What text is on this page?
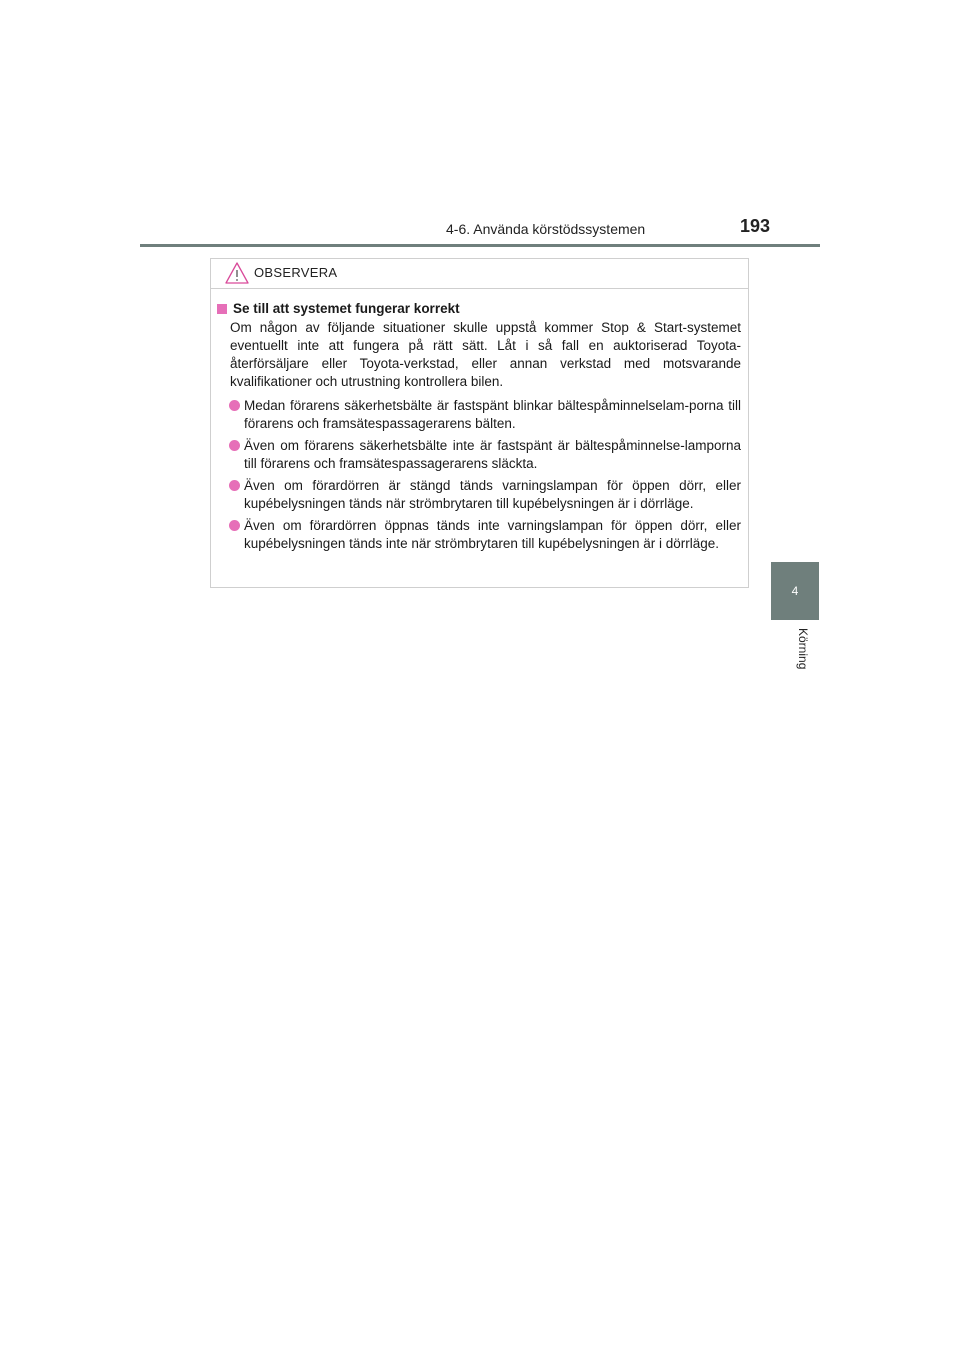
4-6. Använda körstödssystemen	193
4
Körning
OBSERVERA
Se till att systemet fungerar korrekt
Om någon av följande situationer skulle uppstå kommer Stop & Start-systemet eventuellt inte att fungera på rätt sätt. Låt i så fall en auktoriserad Toyota-återförsäljare eller Toyota-verkstad, eller annan verkstad med motsvarande kvalifikationer och utrustning kontrollera bilen.
Medan förarens säkerhetsbälte är fastspänt blinkar bältespåminnelselam-porna till förarens och framsätespassagerarens bälten.
Även om förarens säkerhetsbälte inte är fastspänt är bältespåminnelse-lamporna till förarens och framsätespassagerarens släckta.
Även om förardörren är stängd tänds varningslampan för öppen dörr, eller kupébelysningen tänds när strömbrytaren till kupébelysningen är i dörrläge.
Även om förardörren öppnas tänds inte varningslampan för öppen dörr, eller kupébelysningen tänds inte när strömbrytaren till kupébelysningen är i dörrläge.
